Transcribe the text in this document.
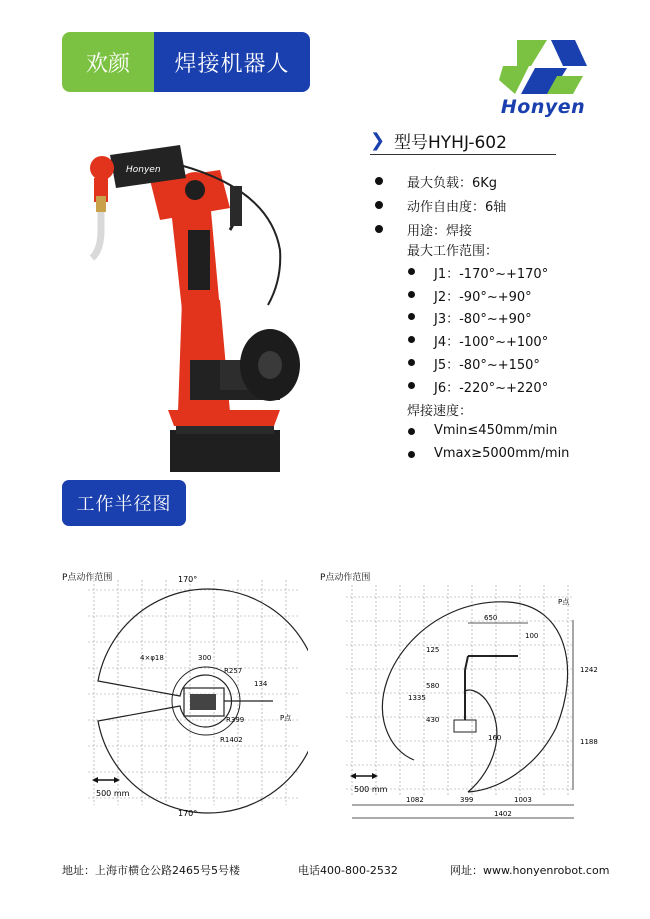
欢颜	焊接机器人
Honyen
❯ 型号HYHJ-602
最大负载：6Kg
动作自由度：6轴
用途：焊接
最大工作范围：
J1：-170°~+170°
J2：-90°~+90°
J3：-80°~+90°
J4：-100°~+100°
J5：-80°~+150°
J6：-220°~+220°
焊接速度：
Vmin≤450mm/min
Vmax≥5000mm/min
Honyen
工作半径图
170°
170°
4×φ18	300
R257
134
P点
R399
R1402
500 mm
P点动作范围
P点
650
100
125
1242
1335
580
430
160	1188
1082	399	1003
1402
500 mm
P点动作范围
地址：上海市横仓公路2465号5号楼	电话400-800-2532	网址：www.honyenrobot.com
